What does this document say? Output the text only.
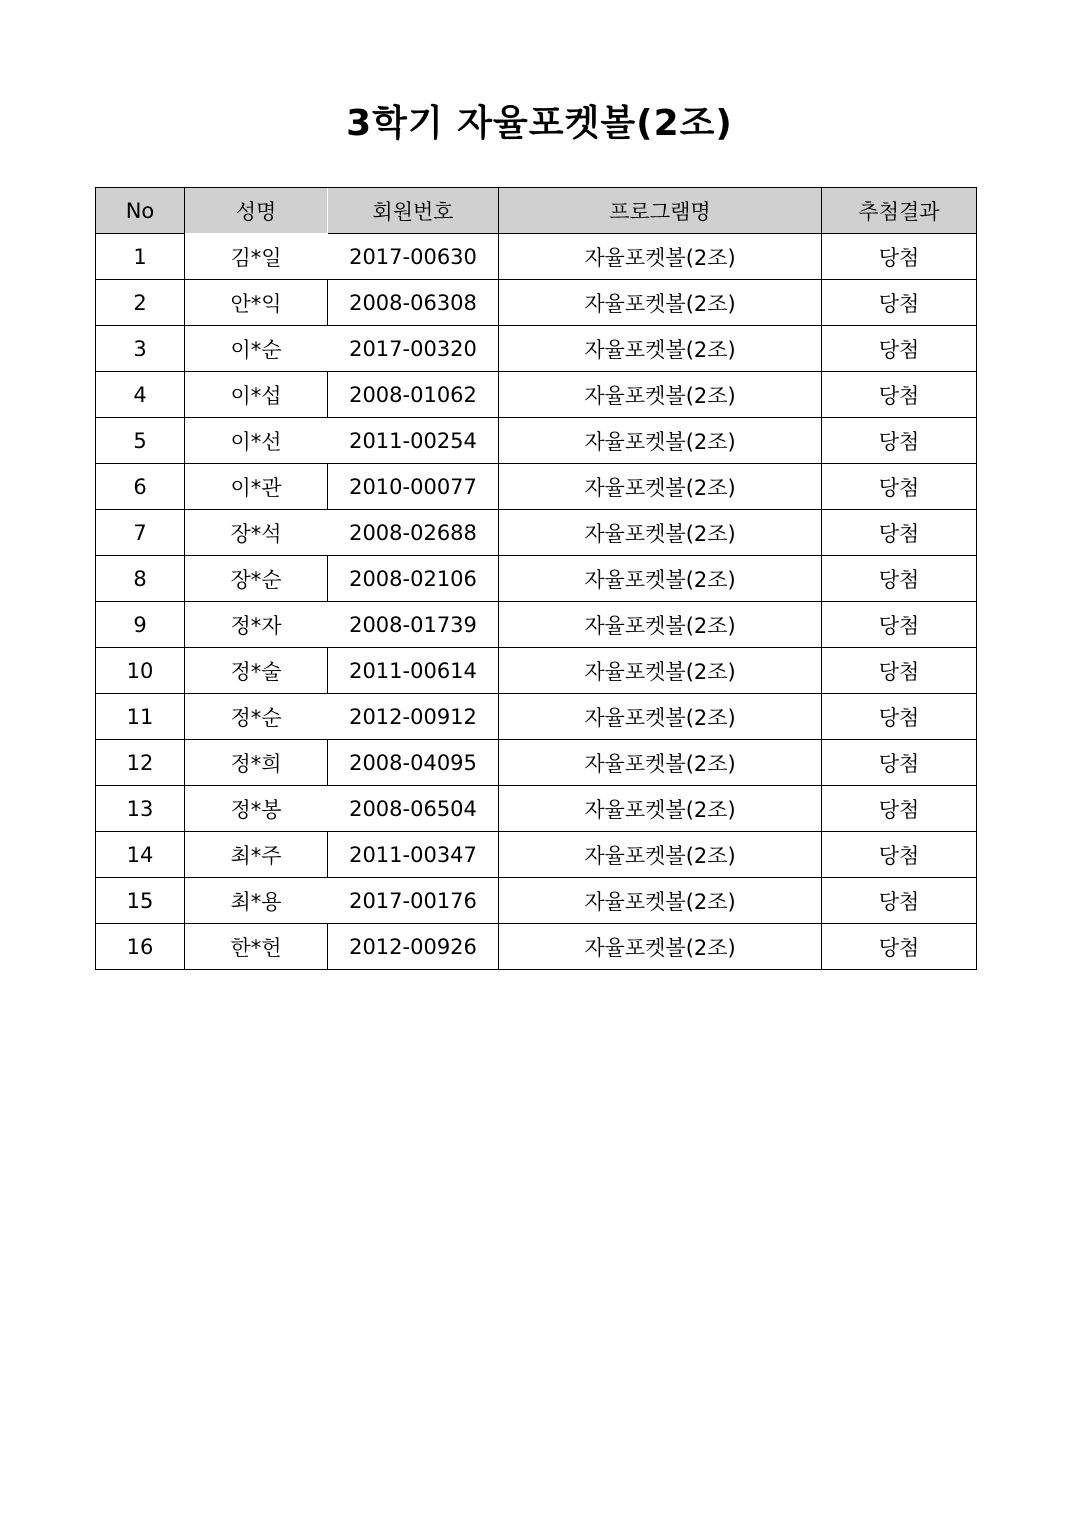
3학기 자율포켓볼(2조)
No	성명	회원번호	프로그램명	추첨결과
1	김*일	2017-00630	자율포켓볼(2조)	당첨
2	안*익	2008-06308	자율포켓볼(2조)	당첨
3	이*순	2017-00320	자율포켓볼(2조)	당첨
4	이*섭	2008-01062	자율포켓볼(2조)	당첨
5	이*선	2011-00254	자율포켓볼(2조)	당첨
6	이*관	2010-00077	자율포켓볼(2조)	당첨
7	장*석	2008-02688	자율포켓볼(2조)	당첨
8	장*순	2008-02106	자율포켓볼(2조)	당첨
9	정*자	2008-01739	자율포켓볼(2조)	당첨
10	정*술	2011-00614	자율포켓볼(2조)	당첨
11	정*순	2012-00912	자율포켓볼(2조)	당첨
12	정*희	2008-04095	자율포켓볼(2조)	당첨
13	정*봉	2008-06504	자율포켓볼(2조)	당첨
14	최*주	2011-00347	자율포켓볼(2조)	당첨
15	최*용	2017-00176	자율포켓볼(2조)	당첨
16	한*헌	2012-00926	자율포켓볼(2조)	당첨
